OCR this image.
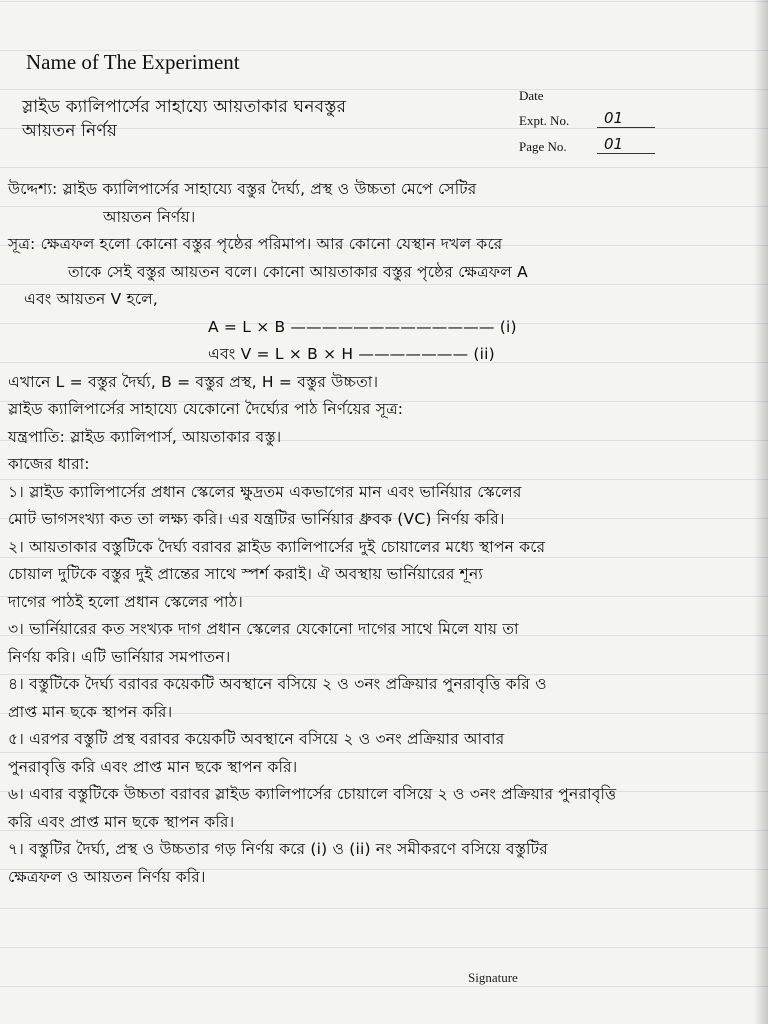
Name of The Experiment
Date
Expt. No. 01
Page No. 01
স্লাইড ক্যালিপার্সের সাহায্যে আয়তাকার ঘনবস্তুর
আয়তন নির্ণয়
উদ্দেশ্য: স্লাইড ক্যালিপার্সের সাহায্যে বস্তুর দৈর্ঘ্য, প্রস্থ ও উচ্চতা মেপে সেটির
আয়তন নির্ণয়।
সূত্র: ক্ষেত্রফল হলো কোনো বস্তুর পৃষ্ঠের পরিমাপ। আর কোনো যেস্থান দখল করে
তাকে সেই বস্তুর আয়তন বলে। কোনো আয়তাকার বস্তুর পৃষ্ঠের ক্ষেত্রফল A
এবং আয়তন V হলে,
A = L × B ————————————— (i)
এবং V = L × B × H ——————— (ii)
এখানে L = বস্তুর দৈর্ঘ্য, B = বস্তুর প্রস্থ, H = বস্তুর উচ্চতা।
স্লাইড ক্যালিপার্সের সাহায্যে যেকোনো দৈর্ঘ্যের পাঠ নির্ণয়ের সূত্র:
যন্ত্রপাতি: স্লাইড ক্যালিপার্স, আয়তাকার বস্তু।
কাজের ধারা:
১। স্লাইড ক্যালিপার্সের প্রধান স্কেলের ক্ষুদ্রতম একভাগের মান এবং ভার্নিয়ার স্কেলের
মোট ভাগসংখ্যা কত তা লক্ষ্য করি। এর যন্ত্রটির ভার্নিয়ার ধ্রুবক (VC) নির্ণয় করি।
২। আয়তাকার বস্তুটিকে দৈর্ঘ্য বরাবর স্লাইড ক্যালিপার্সের দুই চোয়ালের মধ্যে স্থাপন করে
চোয়াল দুটিকে বস্তুর দুই প্রান্তের সাথে স্পর্শ করাই। ঐ অবস্থায় ভার্নিয়ারের শূন্য
দাগের পাঠই হলো প্রধান স্কেলের পাঠ।
৩। ভার্নিয়ারের কত সংখ্যক দাগ প্রধান স্কেলের যেকোনো দাগের সাথে মিলে যায় তা
নির্ণয় করি। এটি ভার্নিয়ার সমপাতন।
৪। বস্তুটিকে দৈর্ঘ্য বরাবর কয়েকটি অবস্থানে বসিয়ে ২ ও ৩নং প্রক্রিয়ার পুনরাবৃত্তি করি ও
প্রাপ্ত মান ছকে স্থাপন করি।
৫। এরপর বস্তুটি প্রস্থ বরাবর কয়েকটি অবস্থানে বসিয়ে ২ ও ৩নং প্রক্রিয়ার আবার
পুনরাবৃত্তি করি এবং প্রাপ্ত মান ছকে স্থাপন করি।
৬। এবার বস্তুটিকে উচ্চতা বরাবর স্লাইড ক্যালিপার্সের চোয়ালে বসিয়ে ২ ও ৩নং প্রক্রিয়ার পুনরাবৃত্তি
করি এবং প্রাপ্ত মান ছকে স্থাপন করি।
৭। বস্তুটির দৈর্ঘ্য, প্রস্থ ও উচ্চতার গড় নির্ণয় করে (i) ও (ii) নং সমীকরণে বসিয়ে বস্তুটির
ক্ষেত্রফল ও আয়তন নির্ণয় করি।
Signature
